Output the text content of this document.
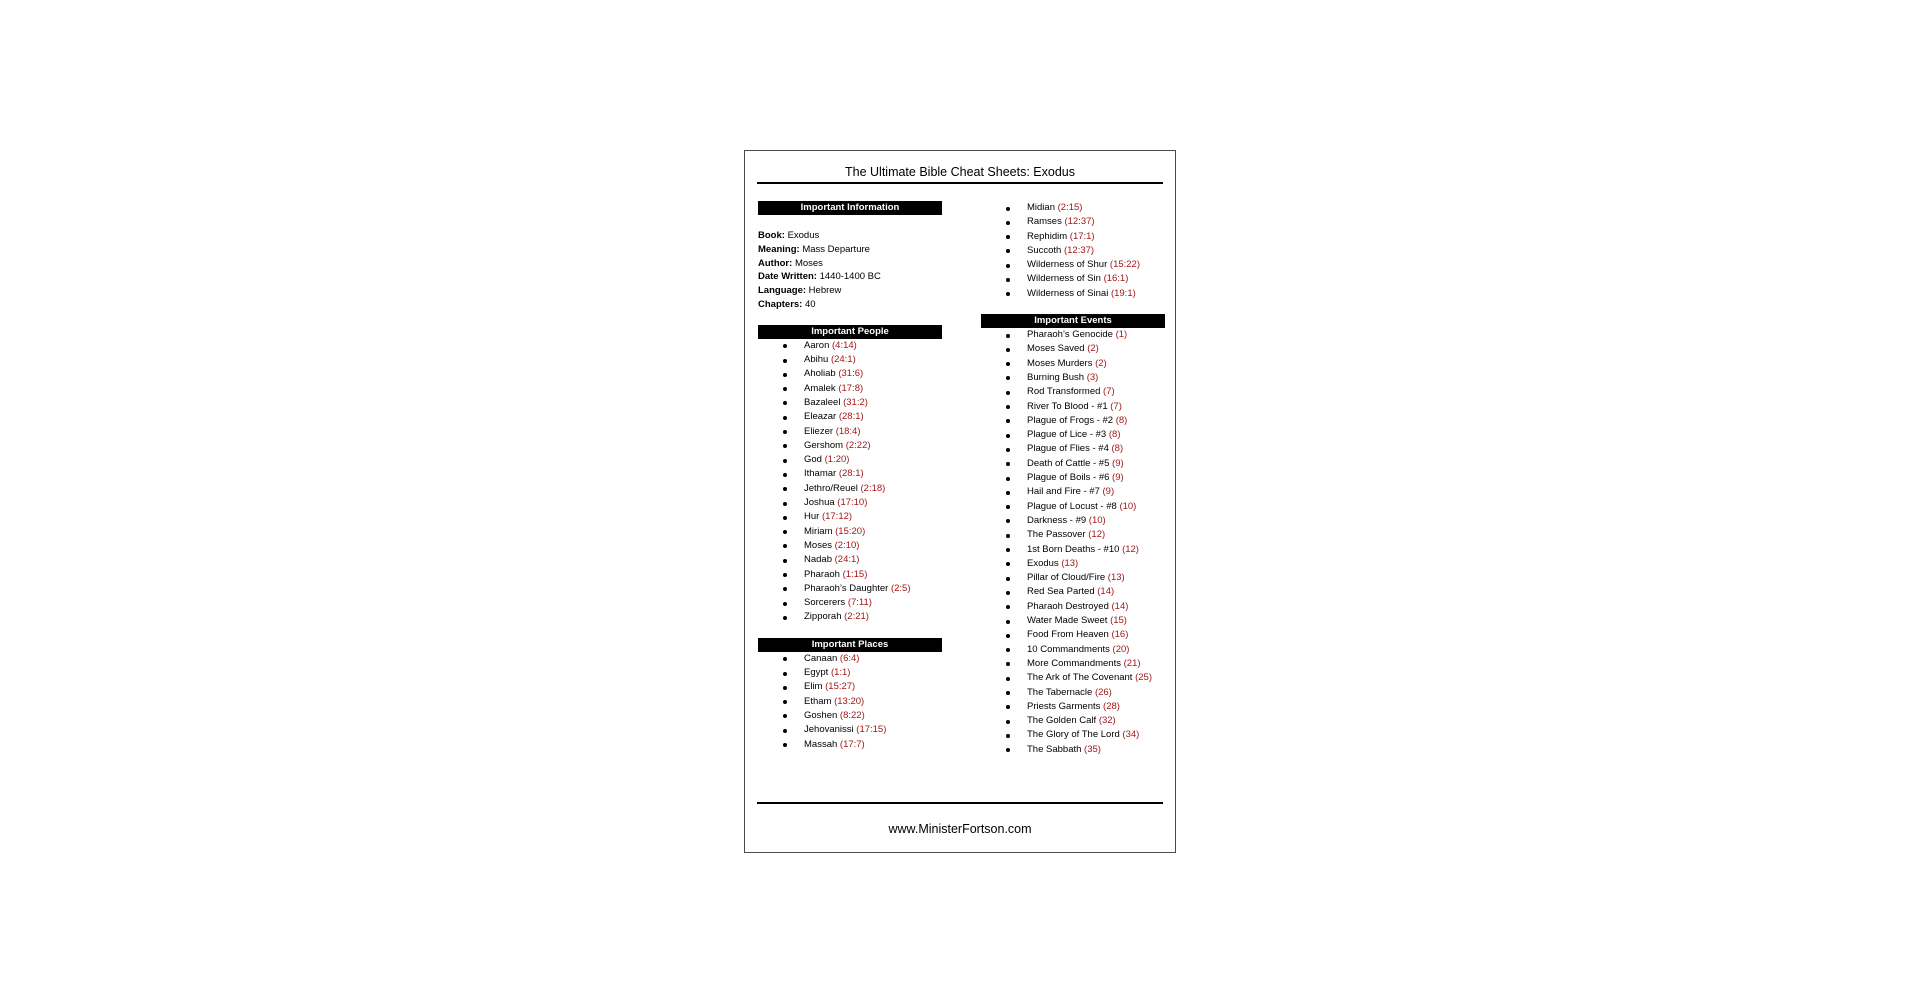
The Ultimate Bible Cheat Sheets: Exodus
Important Information
Book: Exodus
Meaning: Mass Departure
Author: Moses
Date Written: 1440-1400 BC
Language: Hebrew
Chapters: 40
Important People
Aaron (4:14)
Abihu (24:1)
Aholiab (31:6)
Amalek (17:8)
Bazaleel (31:2)
Eleazar (28:1)
Eliezer (18:4)
Gershom (2:22)
God (1:20)
Ithamar (28:1)
Jethro/Reuel (2:18)
Joshua (17:10)
Hur (17:12)
Miriam (15:20)
Moses (2:10)
Nadab (24:1)
Pharaoh (1:15)
Pharaoh’s Daughter (2:5)
Sorcerers (7:11)
Zipporah (2:21)
Important Places
Canaan (6:4)
Egypt (1:1)
Elim (15:27)
Etham (13:20)
Goshen (8:22)
Jehovanissi (17:15)
Massah (17:7)
Midian (2:15)
Ramses (12:37)
Rephidim (17:1)
Succoth (12:37)
Wilderness of Shur (15:22)
Wilderness of Sin (16:1)
Wilderness of Sinai (19:1)
Important Events
Pharaoh’s Genocide (1)
Moses Saved (2)
Moses Murders (2)
Burning Bush (3)
Rod Transformed (7)
River To Blood - #1 (7)
Plague of Frogs - #2 (8)
Plague of Lice - #3 (8)
Plague of Flies - #4 (8)
Death of Cattle - #5 (9)
Plague of Boils - #6 (9)
Hail and Fire - #7 (9)
Plague of Locust - #8 (10)
Darkness - #9 (10)
The Passover (12)
1st Born Deaths - #10 (12)
Exodus (13)
Pillar of Cloud/Fire (13)
Red Sea Parted (14)
Pharaoh Destroyed (14)
Water Made Sweet (15)
Food From Heaven (16)
10 Commandments (20)
More Commandments (21)
The Ark of The Covenant (25)
The Tabernacle (26)
Priests Garments (28)
The Golden Calf (32)
The Glory of The Lord (34)
The Sabbath (35)
www.MinisterFortson.com
